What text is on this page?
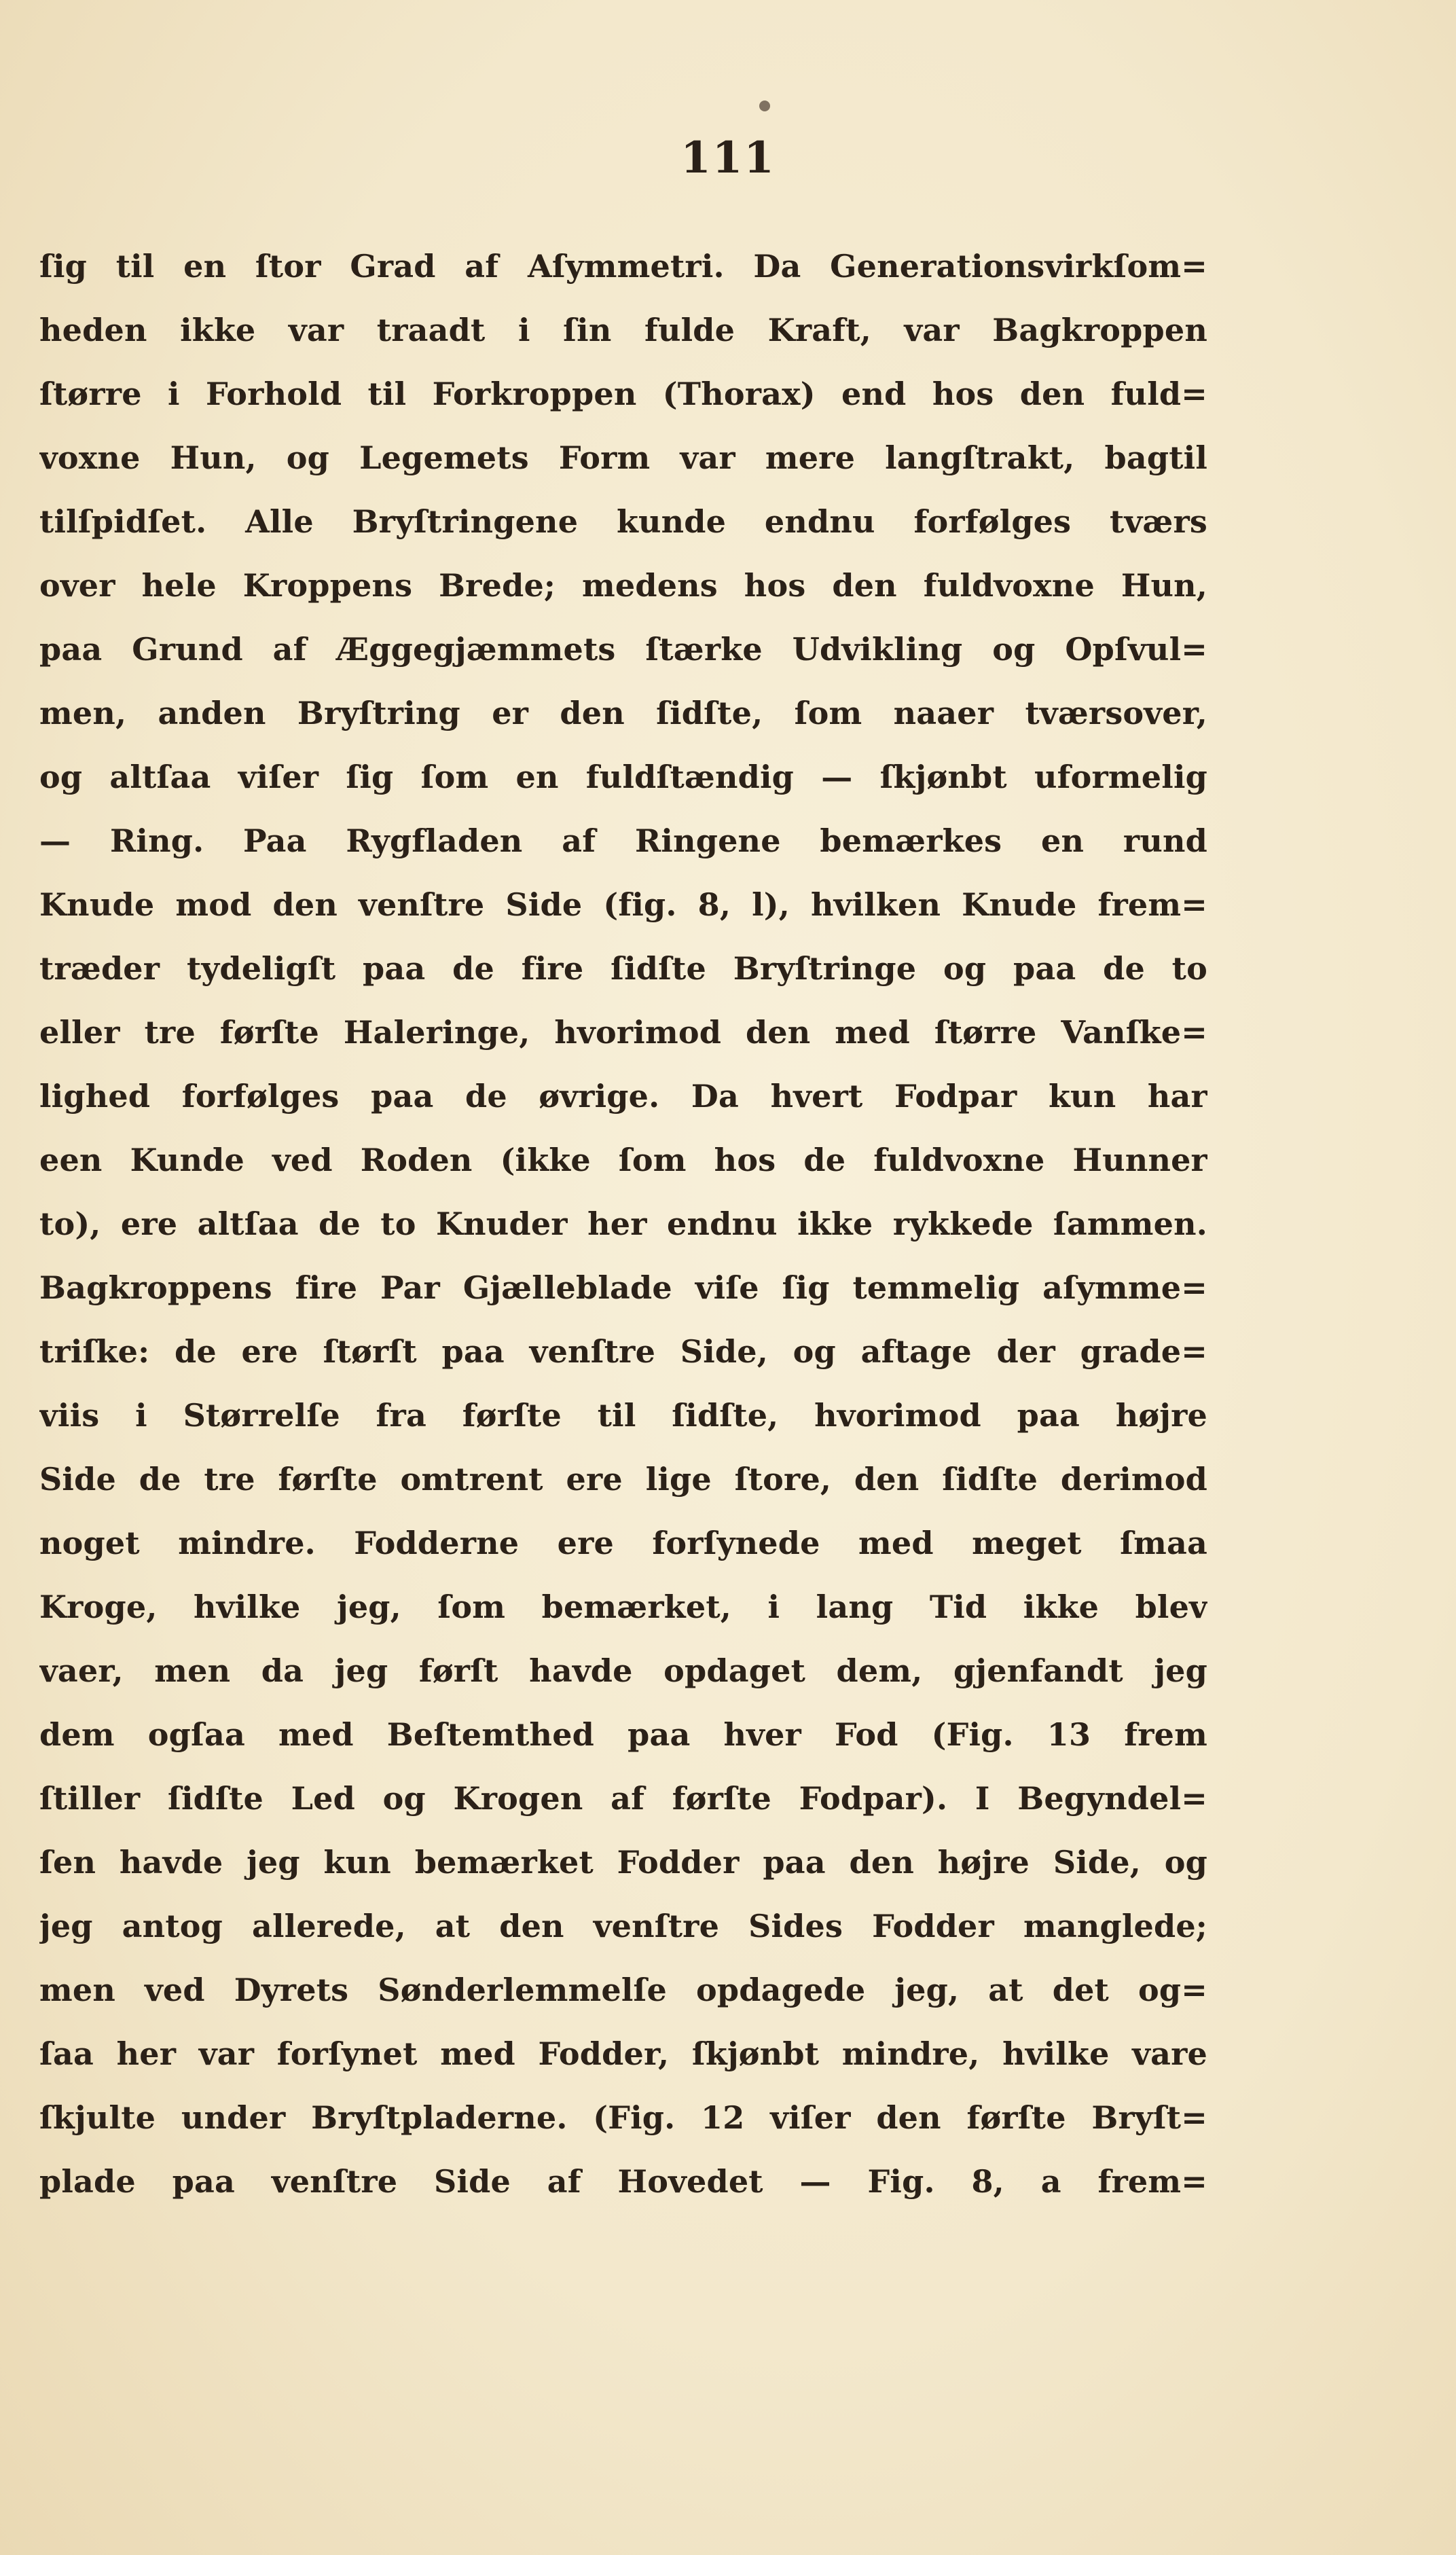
111
ſig til en ſtor Grad af Aſymmetri. Da Generationsvirkſom=
heden ikke var traadt i ſin fulde Kraft, var Bagkroppen
ſtørre i Forhold til Forkroppen (Thorax) end hos den fuld=
voxne Hun, og Legemets Form var mere langſtrakt, bagtil
tilſpidſet. Alle Bryſtringene kunde endnu forfølges tværs
over hele Kroppens Brede; medens hos den fuldvoxne Hun,
paa Grund af Æggegjæmmets ſtærke Udvikling og Opſvul=
men, anden Bryſtring er den ſidſte, ſom naaer tværsover,
og altſaa viſer ſig ſom en fuldſtændig — ſkjønbt uformelig
— Ring. Paa Rygfladen af Ringene bemærkes en rund
Knude mod den venſtre Side (fig. 8, l), hvilken Knude frem=
træder tydeligſt paa de fire ſidſte Bryſtringe og paa de to
eller tre førſte Haleringe, hvorimod den med ſtørre Vanſke=
lighed forfølges paa de øvrige. Da hvert Fodpar kun har
een Kunde ved Roden (ikke ſom hos de fuldvoxne Hunner
to), ere altſaa de to Knuder her endnu ikke rykkede ſammen.
Bagkroppens fire Par Gjælleblade viſe ſig temmelig aſymme=
triſke: de ere ſtørſt paa venſtre Side, og aftage der grade=
viis i Størrelſe fra førſte til ſidſte, hvorimod paa højre
Side de tre førſte omtrent ere lige ſtore, den ſidſte derimod
noget mindre. Fodderne ere forſynede med meget ſmaa
Kroge, hvilke jeg, ſom bemærket, i lang Tid ikke blev
vaer, men da jeg førſt havde opdaget dem, gjenfandt jeg
dem ogſaa med Beſtemthed paa hver Fod (Fig. 13 frem
ſtiller ſidſte Led og Krogen af førſte Fodpar). I Begyndel=
ſen havde jeg kun bemærket Fodder paa den højre Side, og
jeg antog allerede, at den venſtre Sides Fodder manglede;
men ved Dyrets Sønderlemmelſe opdagede jeg, at det og=
ſaa her var forſynet med Fodder, ſkjønbt mindre, hvilke vare
ſkjulte under Bryſtpladerne. (Fig. 12 viſer den førſte Bryſt=
plade paa venſtre Side af Hovedet — Fig. 8, a frem=
